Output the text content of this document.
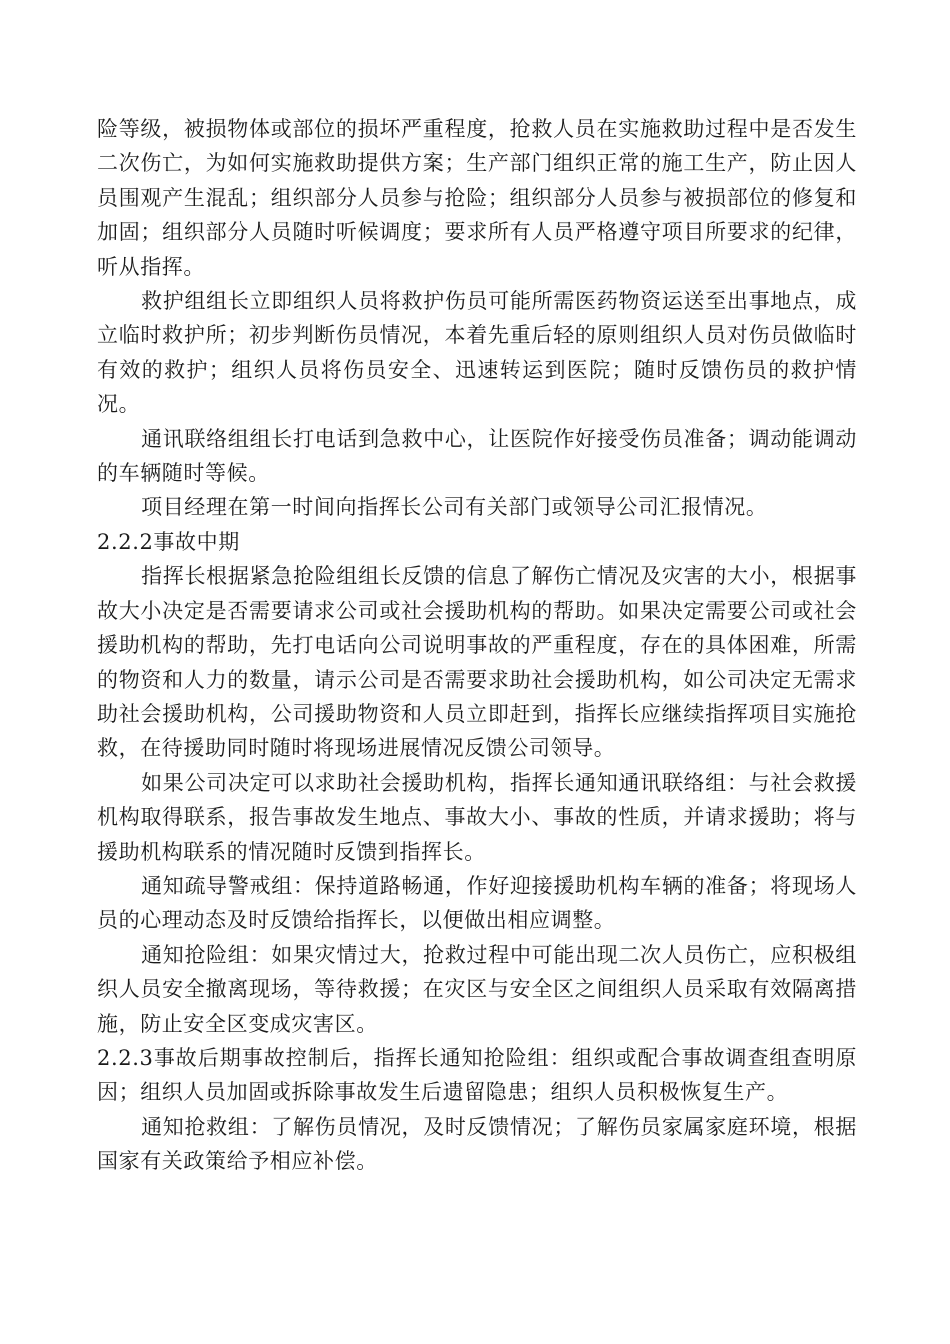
险等级，被损物体或部位的损坏严重程度，抢救人员在实施救助过程中是否发生二次伤亡，为如何实施救助提供方案；生产部门组织正常的施工生产，防止因人员围观产生混乱；组织部分人员参与抢险；组织部分人员参与被损部位的修复和加固；组织部分人员随时听候调度；要求所有人员严格遵守项目所要求的纪律，听从指挥。

救护组组长立即组织人员将救护伤员可能所需医药物资运送至出事地点，成立临时救护所；初步判断伤员情况，本着先重后轻的原则组织人员对伤员做临时有效的救护；组织人员将伤员安全、迅速转运到医院；随时反馈伤员的救护情况。

通讯联络组组长打电话到急救中心，让医院作好接受伤员准备；调动能调动的车辆随时等候。

项目经理在第一时间向指挥长公司有关部门或领导公司汇报情况。

2.2.2事故中期

指挥长根据紧急抢险组组长反馈的信息了解伤亡情况及灾害的大小，根据事故大小决定是否需要请求公司或社会援助机构的帮助。如果决定需要公司或社会援助机构的帮助，先打电话向公司说明事故的严重程度，存在的具体困难，所需的物资和人力的数量，请示公司是否需要求助社会援助机构，如公司决定无需求助社会援助机构，公司援助物资和人员立即赶到，指挥长应继续指挥项目实施抢救，在待援助同时随时将现场进展情况反馈公司领导。

如果公司决定可以求助社会援助机构，指挥长通知通讯联络组：与社会救援机构取得联系，报告事故发生地点、事故大小、事故的性质，并请求援助；将与援助机构联系的情况随时反馈到指挥长。

通知疏导警戒组：保持道路畅通，作好迎接援助机构车辆的准备；将现场人员的心理动态及时反馈给指挥长，以便做出相应调整。

通知抢险组：如果灾情过大，抢救过程中可能出现二次人员伤亡，应积极组织人员安全撤离现场，等待救援；在灾区与安全区之间组织人员采取有效隔离措施，防止安全区变成灾害区。

2.2.3事故后期事故控制后，指挥长通知抢险组：组织或配合事故调查组查明原因；组织人员加固或拆除事故发生后遗留隐患；组织人员积极恢复生产。

通知抢救组：了解伤员情况，及时反馈情况；了解伤员家属家庭环境，根据国家有关政策给予相应补偿。
